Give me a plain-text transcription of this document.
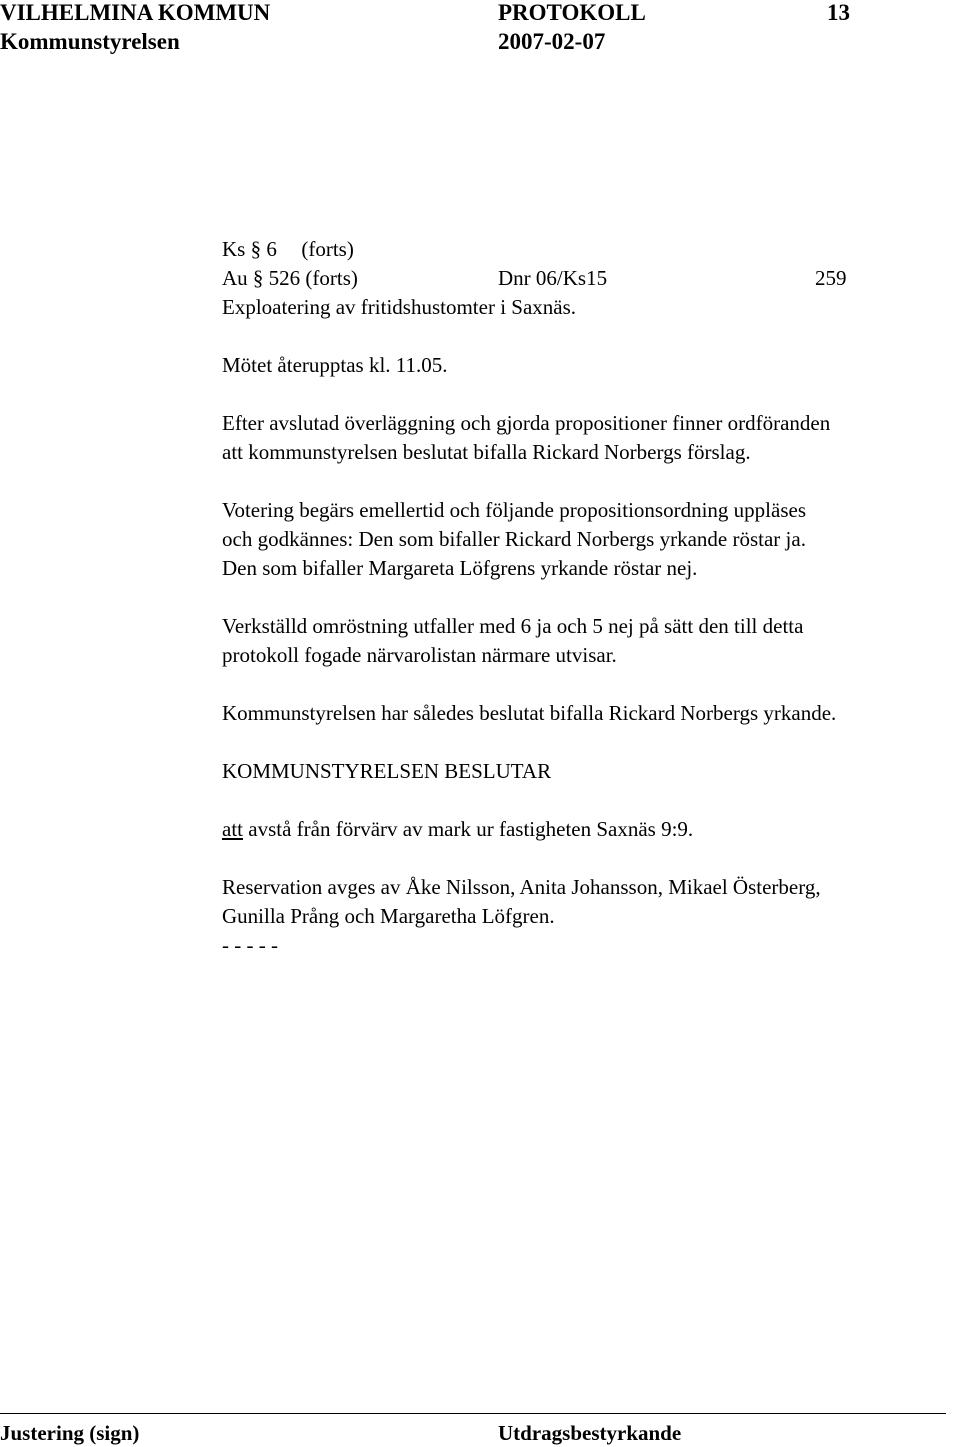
VILHELMINA KOMMUN	PROTOKOLL	13
Kommunstyrelsen	2007-02-07
Ks § 6 (forts)
Au § 526 (forts)	Dnr 06/Ks15	259
Exploatering av fritidshustomter i Saxnäs.
Mötet återupptas kl. 11.05.
Efter avslutad överläggning och gjorda propositioner finner ordföranden
att kommunstyrelsen beslutat bifalla Rickard Norbergs förslag.
Votering begärs emellertid och följande propositionsordning uppläses
och godkännes: Den som bifaller Rickard Norbergs yrkande röstar ja.
Den som bifaller Margareta Löfgrens yrkande röstar nej.
Verkställd omröstning utfaller med 6 ja och 5 nej på sätt den till detta
protokoll fogade närvarolistan närmare utvisar.
Kommunstyrelsen har således beslutat bifalla Rickard Norbergs yrkande.
KOMMUNSTYRELSEN BESLUTAR
att avstå från förvärv av mark ur fastigheten Saxnäs 9:9.
Reservation avges av Åke Nilsson, Anita Johansson, Mikael Österberg,
Gunilla Prång och Margaretha Löfgren.
- - - - -
Justering (sign)	Utdragsbestyrkande
